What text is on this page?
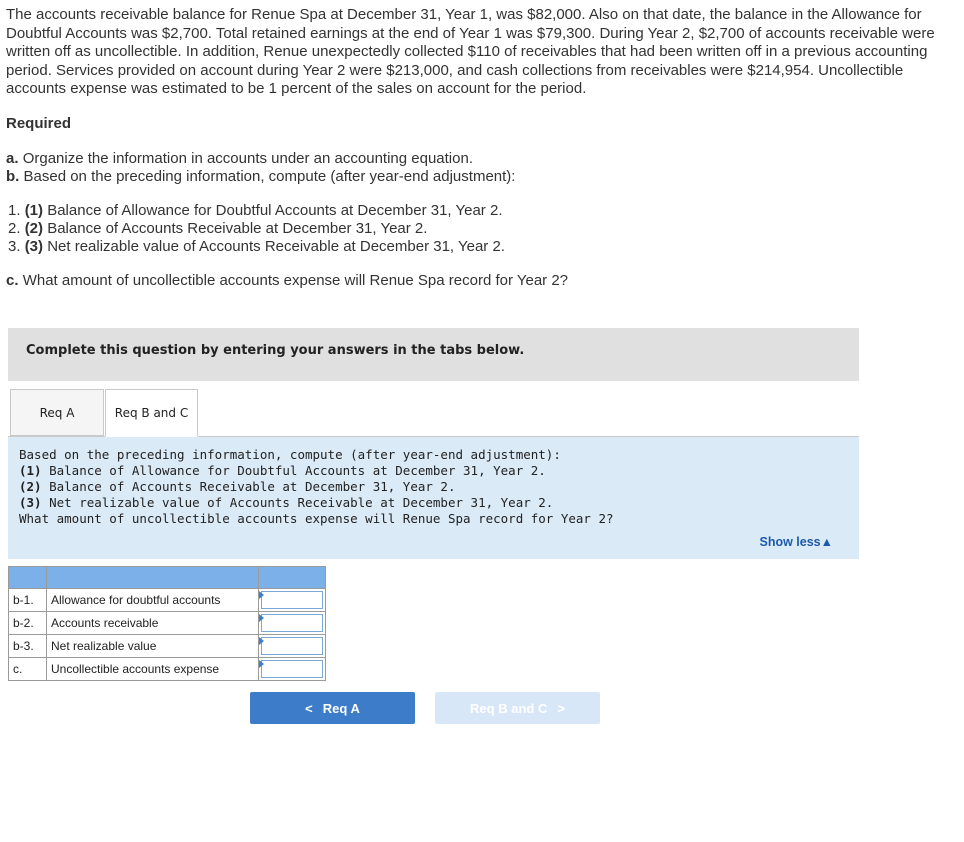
The accounts receivable balance for Renue Spa at December 31, Year 1, was $82,000. Also on that date, the balance in the Allowance for Doubtful Accounts was $2,700. Total retained earnings at the end of Year 1 was $79,300. During Year 2, $2,700 of accounts receivable were written off as uncollectible. In addition, Renue unexpectedly collected $110 of receivables that had been written off in a previous accounting period. Services provided on account during Year 2 were $213,000, and cash collections from receivables were $214,954. Uncollectible accounts expense was estimated to be 1 percent of the sales on account for the period.
Required
a. Organize the information in accounts under an accounting equation.
b. Based on the preceding information, compute (after year-end adjustment):
1. (1) Balance of Allowance for Doubtful Accounts at December 31, Year 2.
2. (2) Balance of Accounts Receivable at December 31, Year 2.
3. (3) Net realizable value of Accounts Receivable at December 31, Year 2.
c. What amount of uncollectible accounts expense will Renue Spa record for Year 2?
Complete this question by entering your answers in the tabs below.
Req A	Req B and C
Based on the preceding information, compute (after year-end adjustment):
(1) Balance of Allowance for Doubtful Accounts at December 31, Year 2.
(2) Balance of Accounts Receivable at December 31, Year 2.
(3) Net realizable value of Accounts Receivable at December 31, Year 2.
What amount of uncollectible accounts expense will Renue Spa record for Year 2?
Show less▲

b-1.	Allowance for doubtful accounts	

b-2.	Accounts receivable	

b-3.	Net realizable value	

c.	Uncollectible accounts expense	
< Req A	Req B and C >
